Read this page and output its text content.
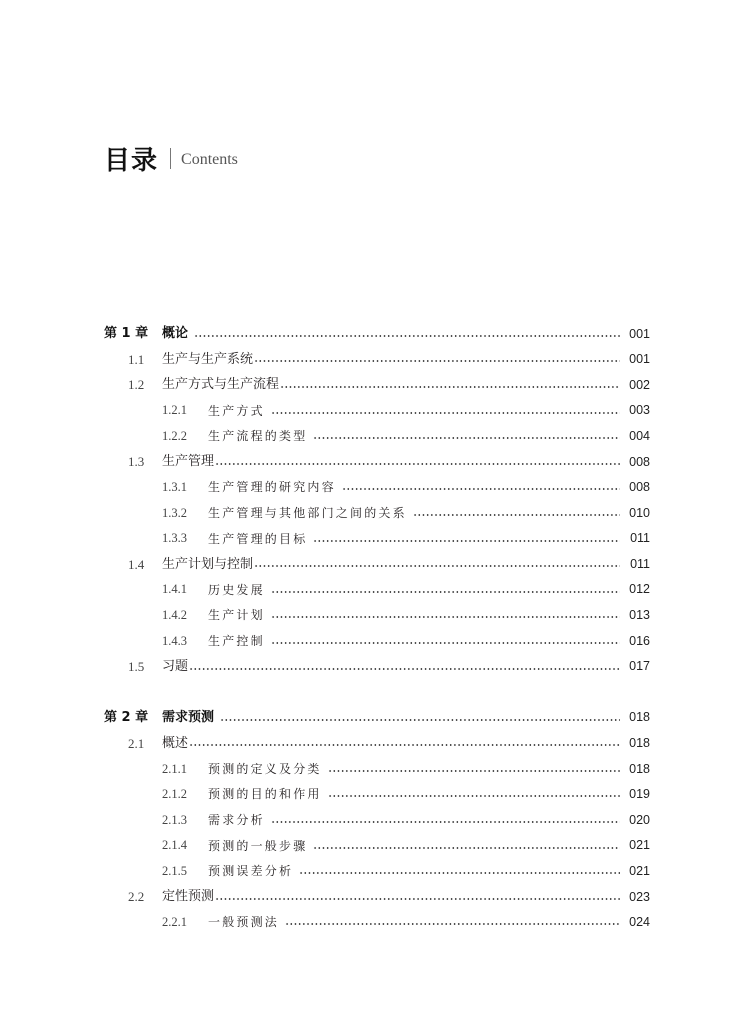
目录 Contents
第 1 章	概论	001
1.1	生产与生产系统	001
1.2	生产方式与生产流程	002
1.2.1	生产方式	003
1.2.2	生产流程的类型	004
1.3	生产管理	008
1.3.1	生产管理的研究内容	008
1.3.2	生产管理与其他部门之间的关系	010
1.3.3	生产管理的目标	011
1.4	生产计划与控制	011
1.4.1	历史发展	012
1.4.2	生产计划	013
1.4.3	生产控制	016
1.5	习题	017
第 2 章	需求预测	018
2.1	概述	018
2.1.1	预测的定义及分类	018
2.1.2	预测的目的和作用	019
2.1.3	需求分析	020
2.1.4	预测的一般步骤	021
2.1.5	预测误差分析	021
2.2	定性预测	023
2.2.1	一般预测法	024
